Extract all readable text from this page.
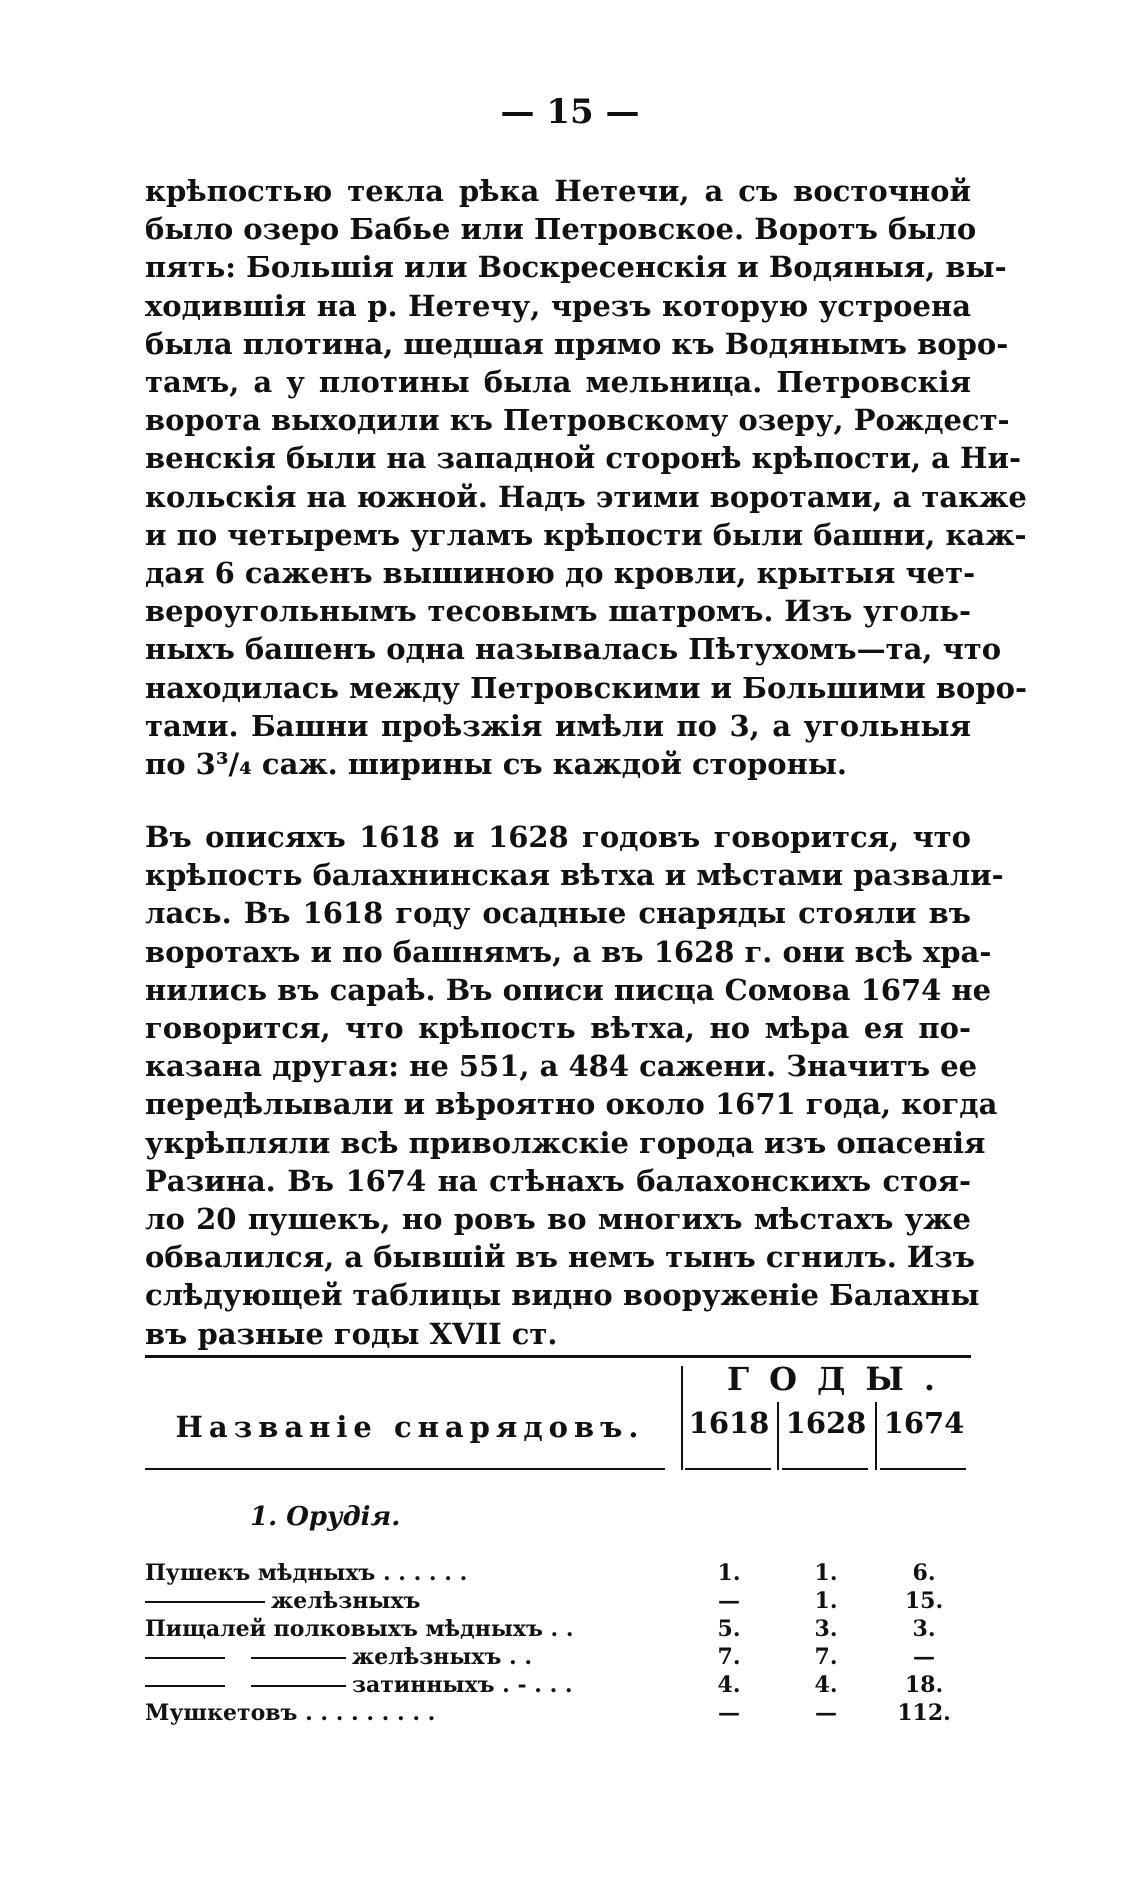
— 15 —
крѣпостью текла рѣка Нетечи, а съ восточной
было озеро Бабье или Петровское. Воротъ было
пять: Большія или Воскресенскія и Водяныя, вы-
ходившія на р. Нетечу, чрезъ которую устроена
была плотина, шедшая прямо къ Водянымъ воро-
тамъ, а у плотины была мельница. Петровскія
ворота выходили къ Петровскому озеру, Рождест-
венскія были на западной сторонѣ крѣпости, а Ни-
кольскія на южной. Надъ этими воротами, а также
и по четыремъ угламъ крѣпости были башни, каж-
дая 6 саженъ вышиною до кровли, крытыя чет-
вероугольнымъ тесовымъ шатромъ. Изъ уголь-
ныхъ башенъ одна называлась Пѣтухомъ—та, что
находилась между Петровскими и Большими воро-
тами. Башни проѣзжія имѣли по 3, а угольныя
по 3³/₄ саж. ширины съ каждой стороны.
Въ описяхъ 1618 и 1628 годовъ говорится, что
крѣпость балахнинская вѣтха и мѣстами развали-
лась. Въ 1618 году осадные снаряды стояли въ
воротахъ и по башнямъ, а въ 1628 г. они всѣ хра-
нились въ сараѣ. Въ описи писца Сомова 1674 не
говорится, что крѣпость вѣтха, но мѣра ея по-
казана другая: не 551, а 484 сажени. Значитъ ее
передѣлывали и вѣроятно около 1671 года, когда
укрѣпляли всѣ приволжскіе города изъ опасенія
Разина. Въ 1674 на стѣнахъ балахонскихъ стоя-
ло 20 пушекъ, но ровъ во многихъ мѣстахъ уже
обвалился, а бывшій въ немъ тынъ сгнилъ. Изъ
слѣдующей таблицы видно вооруженіе Балахны
въ разные годы XVII ст.
Названіе снарядовъ.
ГОДЫ.
1618 1628 1674
1. Орудія.
Пушекъ мѣдныхъ . . . . . .	1.	1.	6.
желѣзныхъ	—	1.	15.
Пищалей полковыхъ мѣдныхъ . .	5.	3.	3.
желѣзныхъ . .	7.	7.	—
затинныхъ . - . . .	4.	4.	18.
Мушкетовъ . . . . . . . . .	—	—	112.
